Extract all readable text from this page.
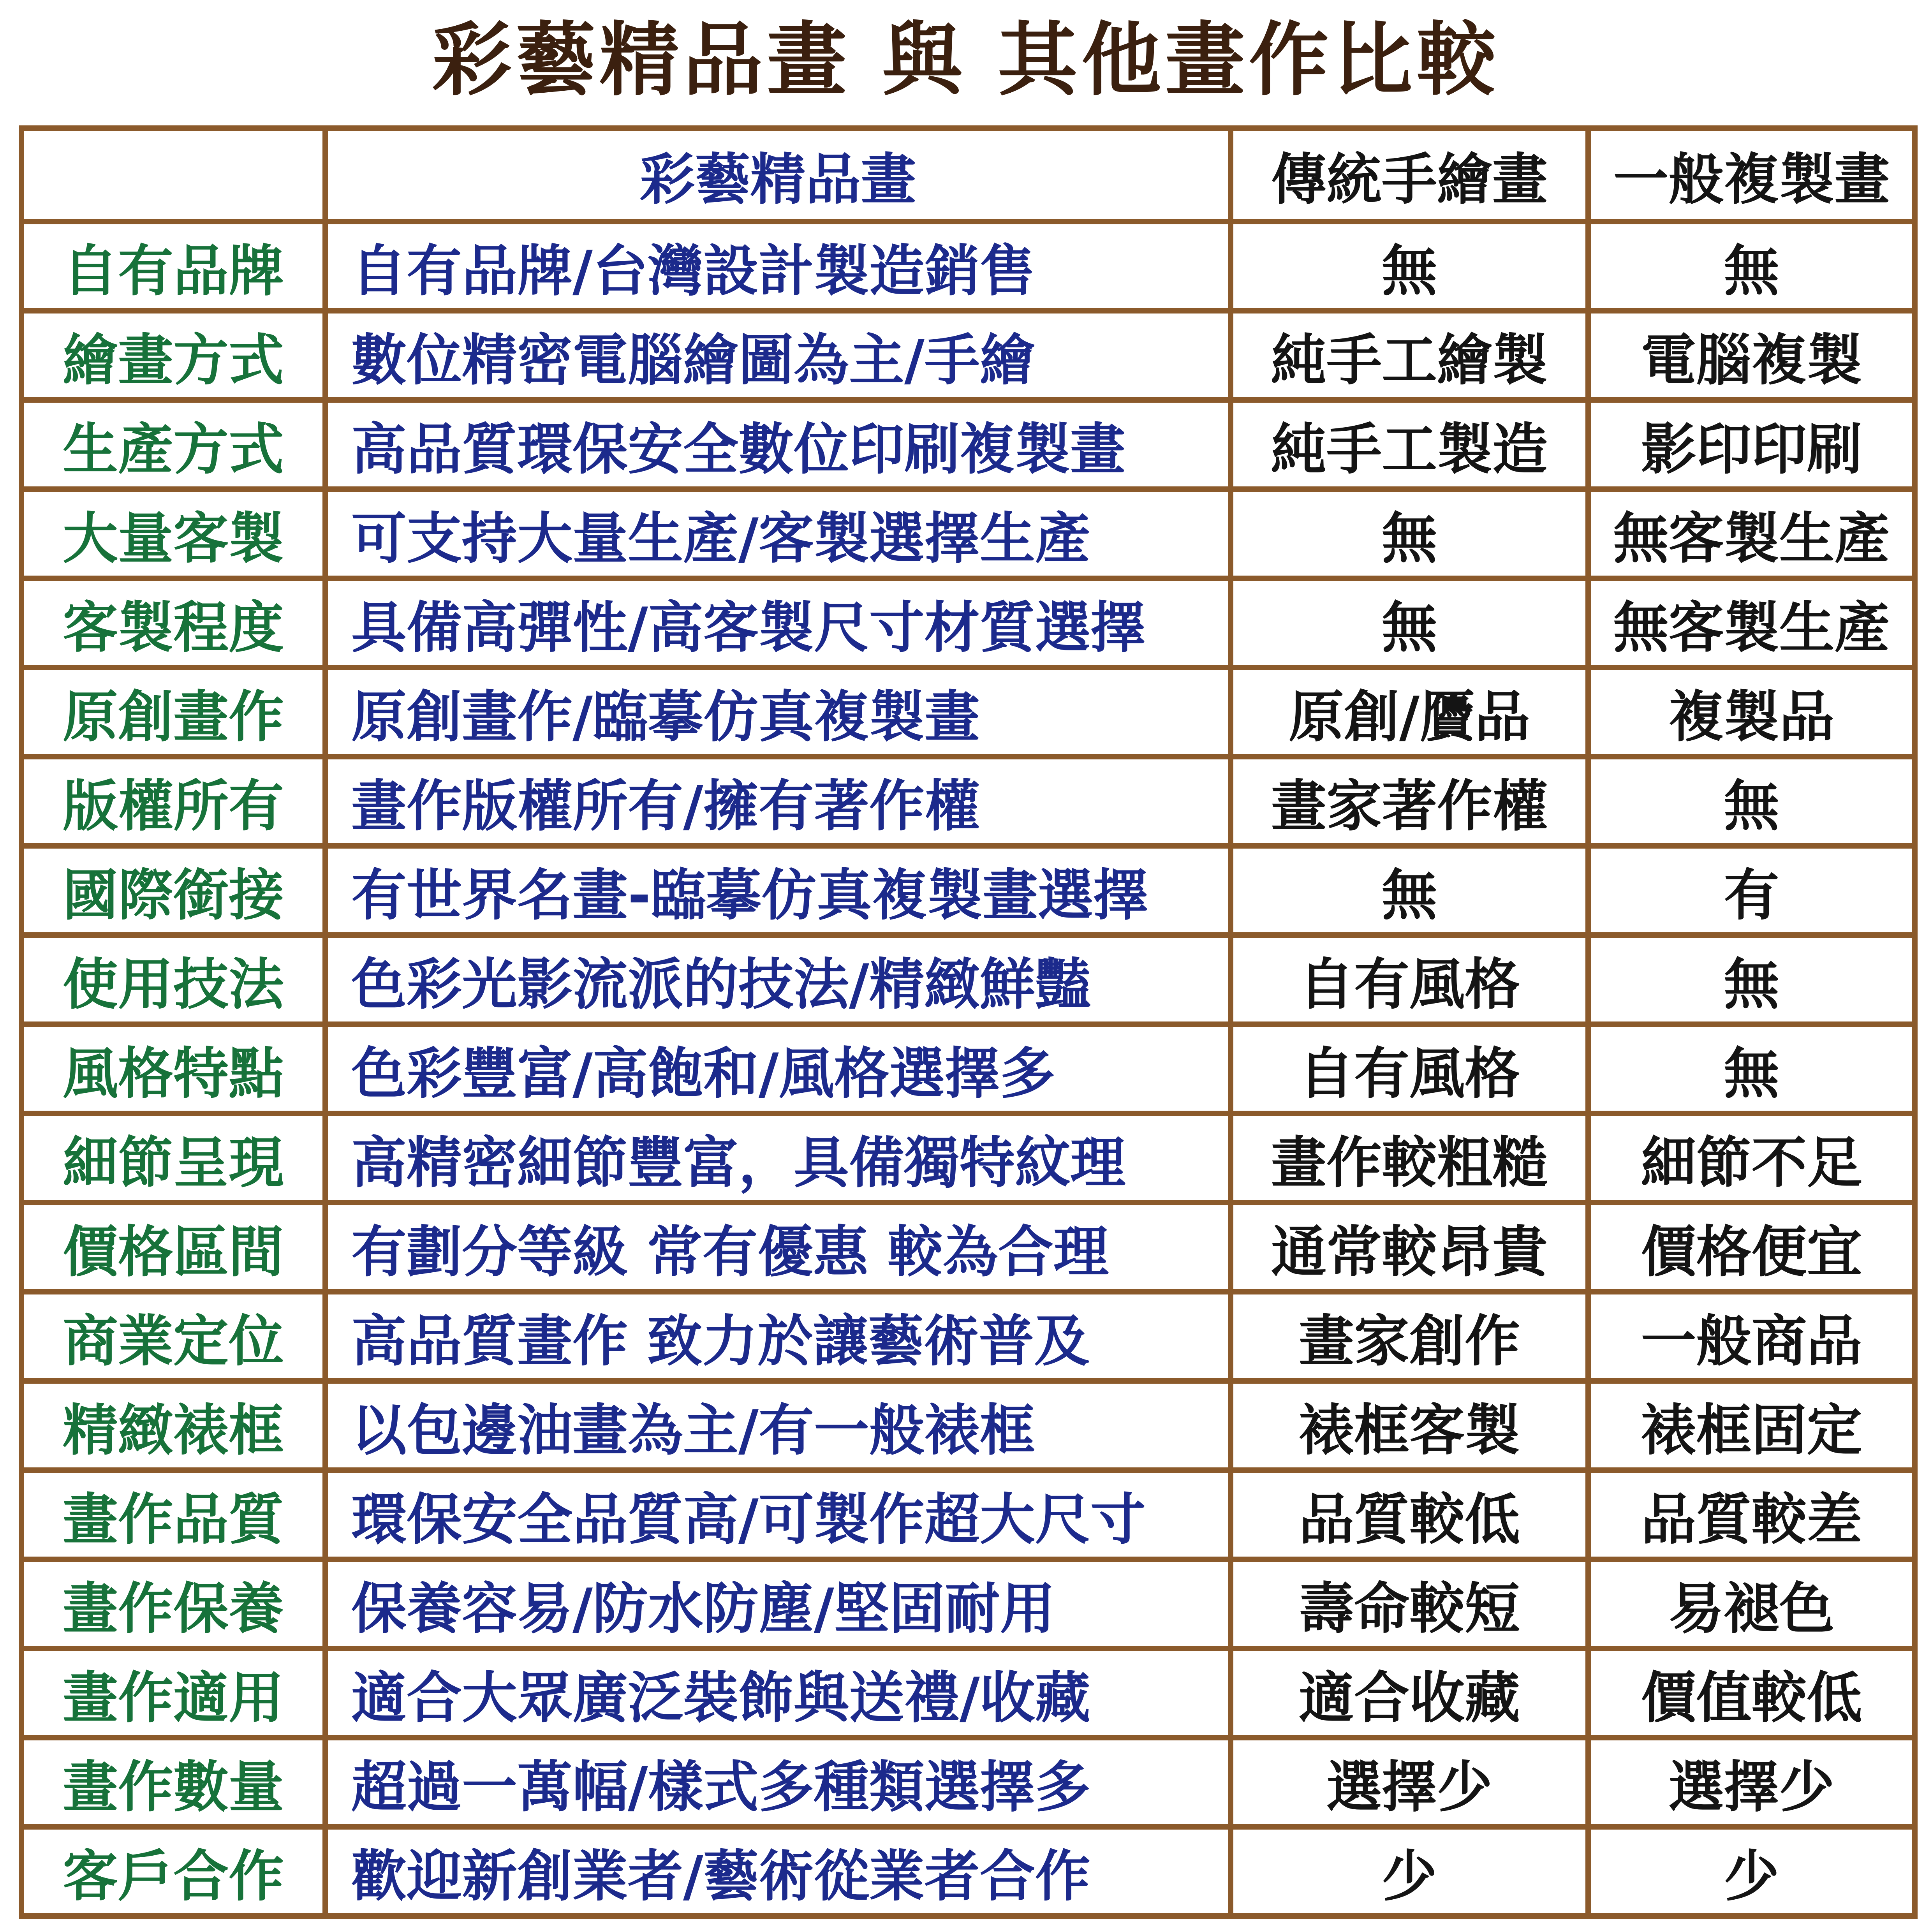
彩藝精品畫 與 其他畫作比較
	彩藝精品畫	傳統手繪畫	一般複製畫
自有品牌	自有品牌/台灣設計製造銷售	無	無
繪畫方式	數位精密電腦繪圖為主/手繪	純手工繪製	電腦複製
生產方式	高品質環保安全數位印刷複製畫	純手工製造	影印印刷
大量客製	可支持大量生產/客製選擇生產	無	無客製生產
客製程度	具備高彈性/高客製尺寸材質選擇	無	無客製生產
原創畫作	原創畫作/臨摹仿真複製畫	原創/贗品	複製品
版權所有	畫作版權所有/擁有著作權	畫家著作權	無
國際銜接	有世界名畫-臨摹仿真複製畫選擇	無	有
使用技法	色彩光影流派的技法/精緻鮮豔	自有風格	無
風格特點	色彩豐富/高飽和/風格選擇多	自有風格	無
細節呈現	高精密細節豐富，具備獨特紋理	畫作較粗糙	細節不足
價格區間	有劃分等級 常有優惠 較為合理	通常較昂貴	價格便宜
商業定位	高品質畫作 致力於讓藝術普及	畫家創作	一般商品
精緻裱框	以包邊油畫為主/有一般裱框	裱框客製	裱框固定
畫作品質	環保安全品質高/可製作超大尺寸	品質較低	品質較差
畫作保養	保養容易/防水防塵/堅固耐用	壽命較短	易褪色
畫作適用	適合大眾廣泛裝飾與送禮/收藏	適合收藏	價值較低
畫作數量	超過一萬幅/樣式多種類選擇多	選擇少	選擇少
客戶合作	歡迎新創業者/藝術從業者合作	少	少
